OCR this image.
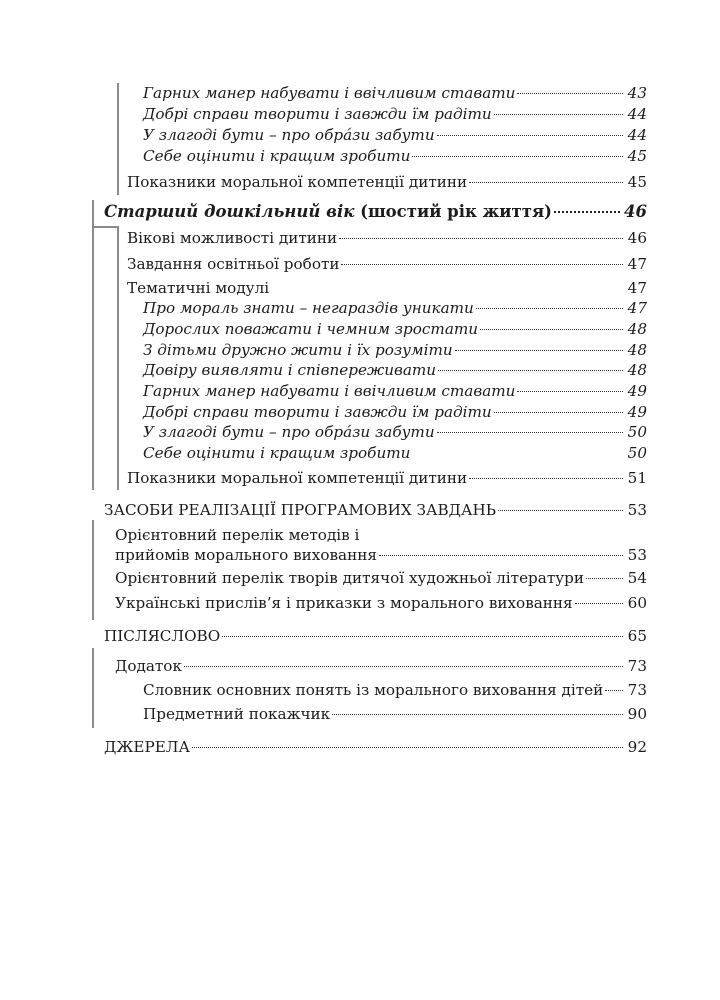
Гарних манер набувати і ввічливим ставати	43
Добрі справи творити і завжди їм радіти	44
У злагоді бути – про обрáзи забути	44
Себе оцінити і кращим зробити	45
Показники моральної компетенції дитини	45
Старший дошкільний вік (шостий рік життя)	46
Вікові можливості дитини	46
Завдання освітньої роботи	47
Тематичні модулі	47
Про мораль знати – негараздів уникати	47
Дорослих поважати і чемним зростати	48
З дітьми дружно жити і їх розуміти	48
Довіру виявляти і співпереживати	48
Гарних манер набувати і ввічливим ставати	49
Добрі справи творити і завжди їм радіти	49
У злагоді бути – про обрáзи забути	50
Себе оцінити і кращим зробити	50
Показники моральної компетенції дитини	51
ЗАСОБИ РЕАЛІЗАЦІЇ ПРОГРАМОВИХ ЗАВДАНЬ	53
Орієнтовний перелік методів і
прийомів морального виховання	53
Орієнтовний перелік творів дитячої художньої літератури	54
Українські прислів’я і приказки з морального виховання	60
ПІСЛЯСЛОВО	65
Додаток	73
Словник основних понять із морального виховання дітей 73
Предметний покажчик	90
ДЖЕРЕЛА	92
